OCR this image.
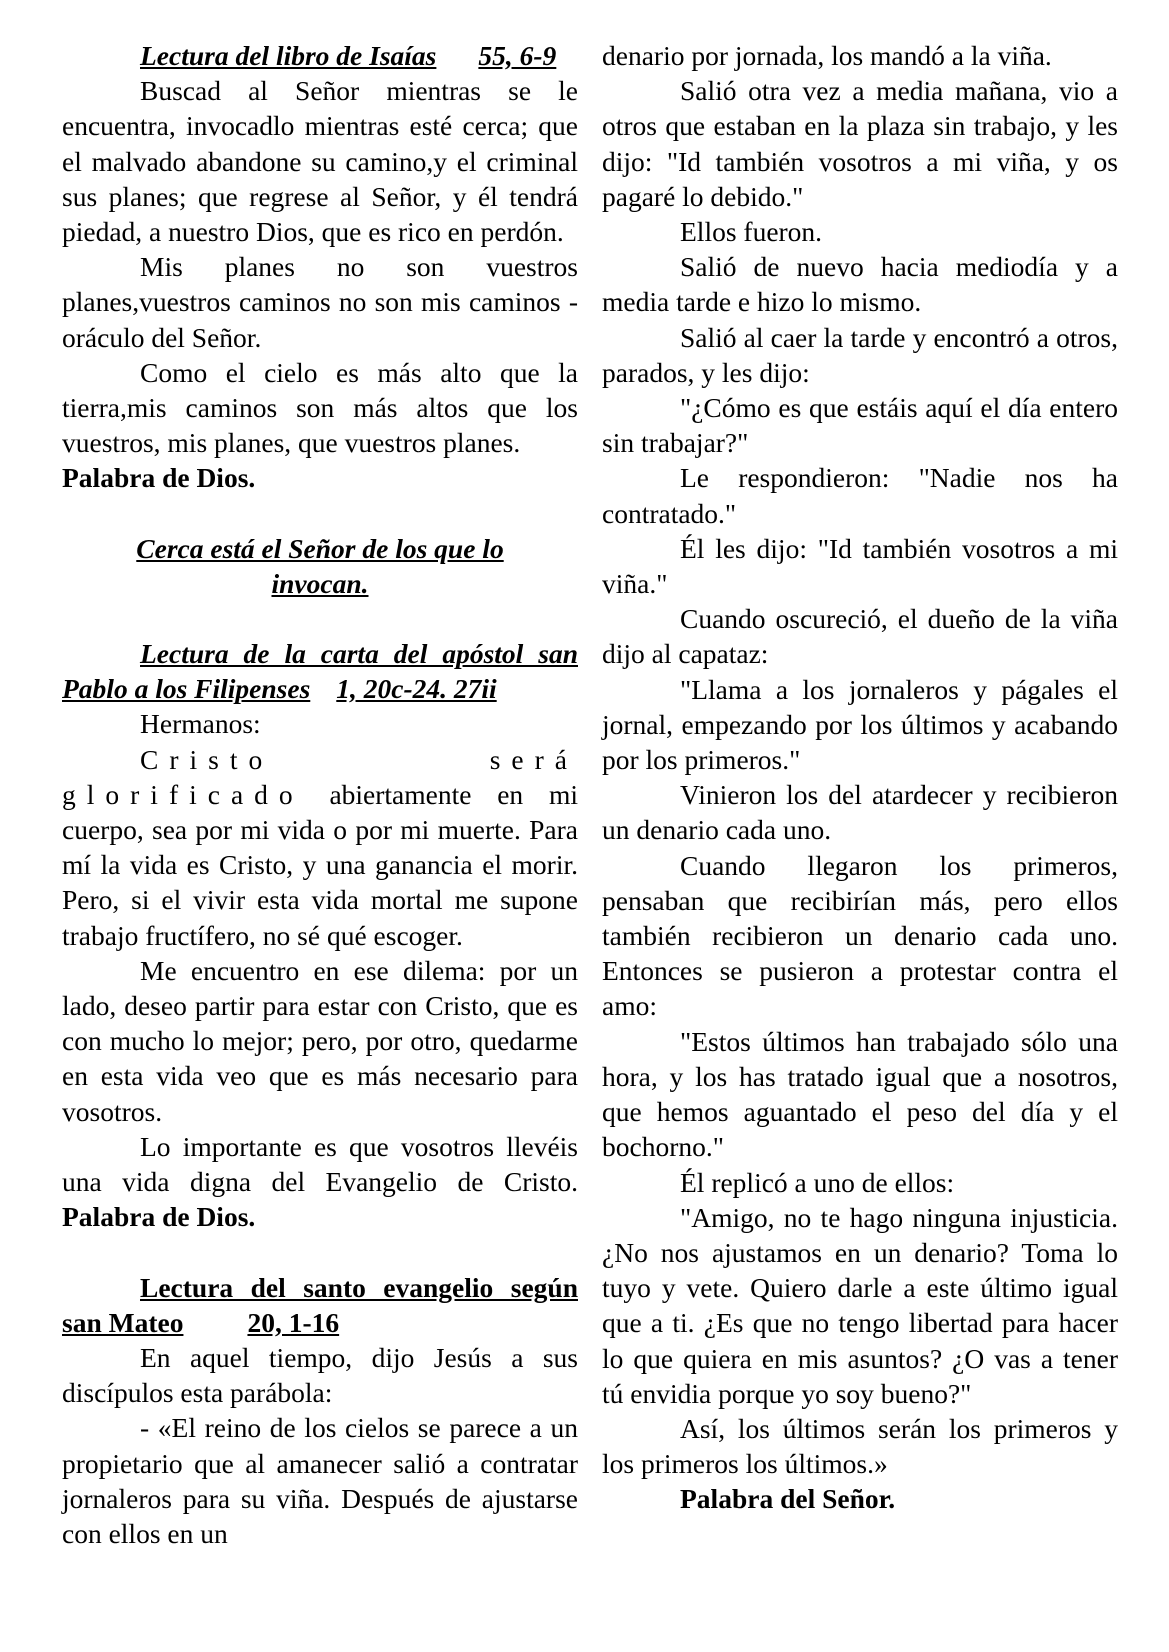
Lectura del libro de Isaías 55, 6-9

Buscad al Señor mientras se le encuentra, invocadlo mientras esté cerca; que el malvado abandone su camino,y el criminal sus planes; que regrese al Señor, y él tendrá piedad, a nuestro Dios, que es rico en perdón.

Mis planes no son vuestros planes,vuestros caminos no son mis caminos -oráculo del Señor.

Como el cielo es más alto que la tierra,mis caminos son más altos que los vuestros, mis planes, que vuestros planes.

Palabra de Dios.

Cerca está el Señor de los que lo

invocan.

Lectura de la carta del apóstol san Pablo a los Filipenses 1, 20c-24. 27ii

Hermanos:

Cristo será glorificado abiertamente en mi cuerpo, sea por mi vida o por mi muerte. Para mí la vida es Cristo, y una ganancia el morir. Pero, si el vivir esta vida mortal me supone trabajo fructífero, no sé qué escoger.

Me encuentro en ese dilema: por un lado, deseo partir para estar con Cristo, que es con mucho lo mejor; pero, por otro, quedarme en esta vida veo que es más necesario para vosotros.

Lo importante es que vosotros llevéis una vida digna del Evangelio de Cristo. Palabra de Dios.

Lectura del santo evangelio según san Mateo 20, 1-16

En aquel tiempo, dijo Jesús a sus discípulos esta parábola:

- «El reino de los cielos se parece a un propietario que al amanecer salió a contratar jornaleros para su viña. Después de ajustarse con ellos en un

denario por jornada, los mandó a la viña.

Salió otra vez a media mañana, vio a otros que estaban en la plaza sin trabajo, y les dijo: "Id también vosotros a mi viña, y os pagaré lo debido."

Ellos fueron.

Salió de nuevo hacia mediodía y a media tarde e hizo lo mismo.

Salió al caer la tarde y encontró a otros, parados, y les dijo:

"¿Cómo es que estáis aquí el día entero sin trabajar?"

Le respondieron: "Nadie nos ha contratado."

Él les dijo: "Id también vosotros a mi viña."

Cuando oscureció, el dueño de la viña dijo al capataz:

"Llama a los jornaleros y págales el jornal, empezando por los últimos y acabando por los primeros."

Vinieron los del atardecer y recibieron un denario cada uno.

Cuando llegaron los primeros, pensaban que recibirían más, pero ellos también recibieron un denario cada uno. Entonces se pusieron a protestar contra el amo:

"Estos últimos han trabajado sólo una hora, y los has tratado igual que a nosotros, que hemos aguantado el peso del día y el bochorno."

Él replicó a uno de ellos:

"Amigo, no te hago ninguna injusticia. ¿No nos ajustamos en un denario? Toma lo tuyo y vete. Quiero darle a este último igual que a ti. ¿Es que no tengo libertad para hacer lo que quiera en mis asuntos? ¿O vas a tener tú envidia porque yo soy bueno?"

Así, los últimos serán los primeros y los primeros los últimos.»

Palabra del Señor.
